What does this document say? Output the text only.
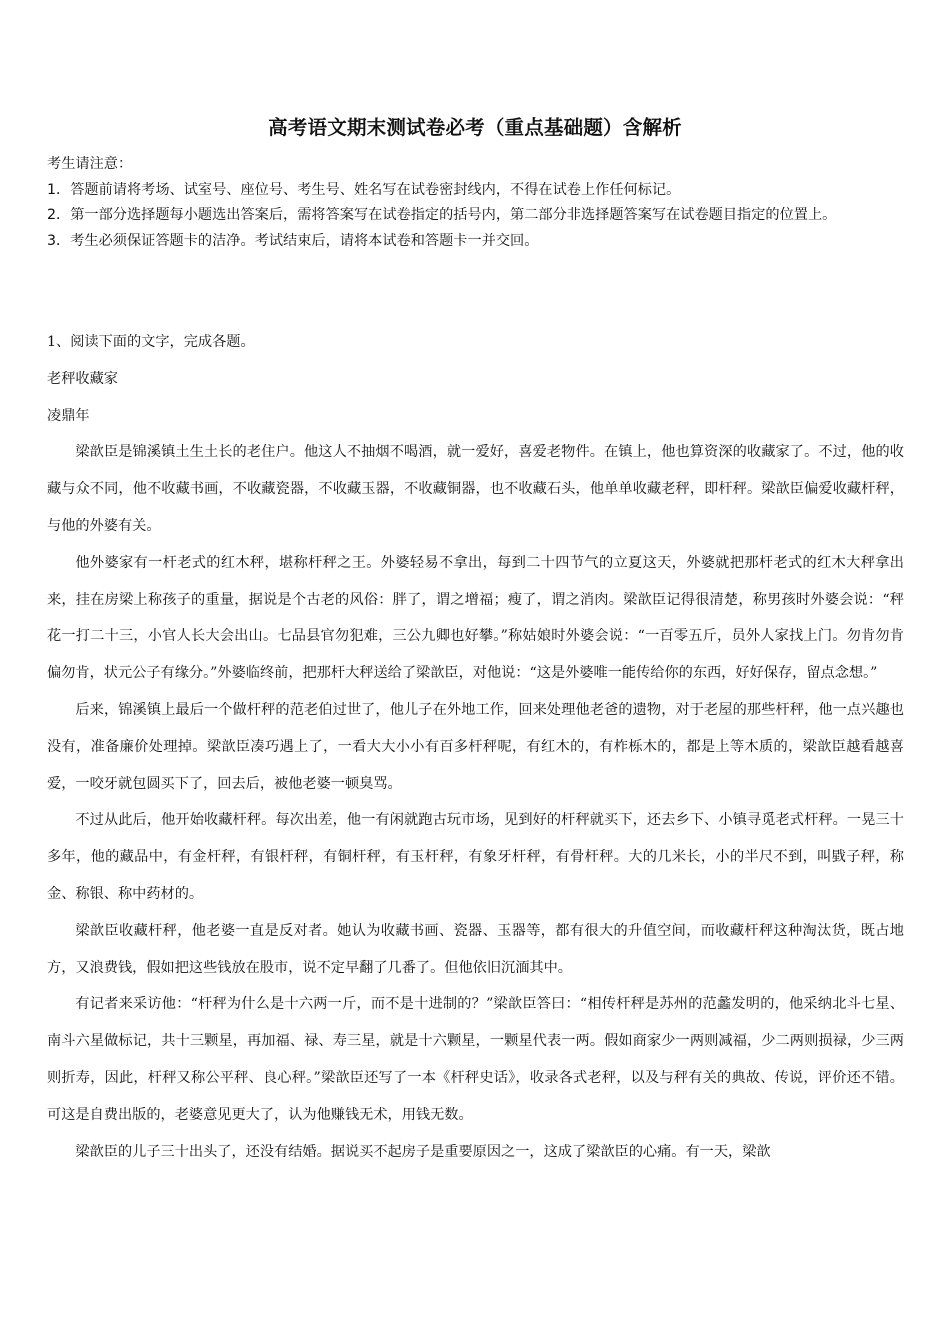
高考语文期末测试卷必考（重点基础题）含解析
考生请注意：
1．答题前请将考场、试室号、座位号、考生号、姓名写在试卷密封线内，不得在试卷上作任何标记。
2．第一部分选择题每小题选出答案后，需将答案写在试卷指定的括号内，第二部分非选择题答案写在试卷题目指定的位置上。
3．考生必须保证答题卡的洁净。考试结束后，请将本试卷和答题卡一并交回。
1、阅读下面的文字，完成各题。
老秤收藏家
凌鼎年
梁歆臣是锦溪镇土生土长的老住户。他这人不抽烟不喝酒，就一爱好，喜爱老物件。在镇上，他也算资深的收藏家了。不过，他的收藏与众不同，他不收藏书画，不收藏瓷器，不收藏玉器，不收藏铜器，也不收藏石头，他单单收藏老秤，即杆秤。梁歆臣偏爱收藏杆秤，与他的外婆有关。
他外婆家有一杆老式的红木秤，堪称杆秤之王。外婆轻易不拿出，每到二十四节气的立夏这天，外婆就把那杆老式的红木大秤拿出来，挂在房梁上称孩子的重量，据说是个古老的风俗：胖了，谓之增福；瘦了，谓之消肉。梁歆臣记得很清楚，称男孩时外婆会说：“秤花一打二十三，小官人长大会出山。七品县官勿犯难，三公九卿也好攀。”称姑娘时外婆会说：“一百零五斤，员外人家找上门。勿肯勿肯偏勿肯，状元公子有缘分。”外婆临终前，把那杆大秤送给了梁歆臣，对他说：“这是外婆唯一能传给你的东西，好好保存，留点念想。”
后来，锦溪镇上最后一个做杆秤的范老伯过世了，他儿子在外地工作，回来处理他老爸的遗物，对于老屋的那些杆秤，他一点兴趣也没有，准备廉价处理掉。梁歆臣凑巧遇上了，一看大大小小有百多杆秤呢，有红木的，有柞栎木的，都是上等木质的，梁歆臣越看越喜爱，一咬牙就包圆买下了，回去后，被他老婆一顿臭骂。
不过从此后，他开始收藏杆秤。每次出差，他一有闲就跑古玩市场，见到好的杆秤就买下，还去乡下、小镇寻觅老式杆秤。一晃三十多年，他的藏品中，有金杆秤，有银杆秤，有铜杆秤，有玉杆秤，有象牙杆秤，有骨杆秤。大的几米长，小的半尺不到，叫戥子秤，称金、称银、称中药材的。
梁歆臣收藏杆秤，他老婆一直是反对者。她认为收藏书画、瓷器、玉器等，都有很大的升值空间，而收藏杆秤这种淘汰货，既占地方，又浪费钱，假如把这些钱放在股市，说不定早翻了几番了。但他依旧沉湎其中。
有记者来采访他：“杆秤为什么是十六两一斤，而不是十进制的？”梁歆臣答曰：“相传杆秤是苏州的范蠡发明的，他采纳北斗七星、南斗六星做标记，共十三颗星，再加福、禄、寿三星，就是十六颗星，一颗星代表一两。假如商家少一两则减福，少二两则损禄，少三两则折寿，因此，杆秤又称公平秤、良心秤。”梁歆臣还写了一本《杆秤史话》，收录各式老秤，以及与秤有关的典故、传说，评价还不错。可这是自费出版的，老婆意见更大了，认为他赚钱无术，用钱无数。
梁歆臣的儿子三十出头了，还没有结婚。据说买不起房子是重要原因之一，这成了梁歆臣的心痛。有一天，梁歆
